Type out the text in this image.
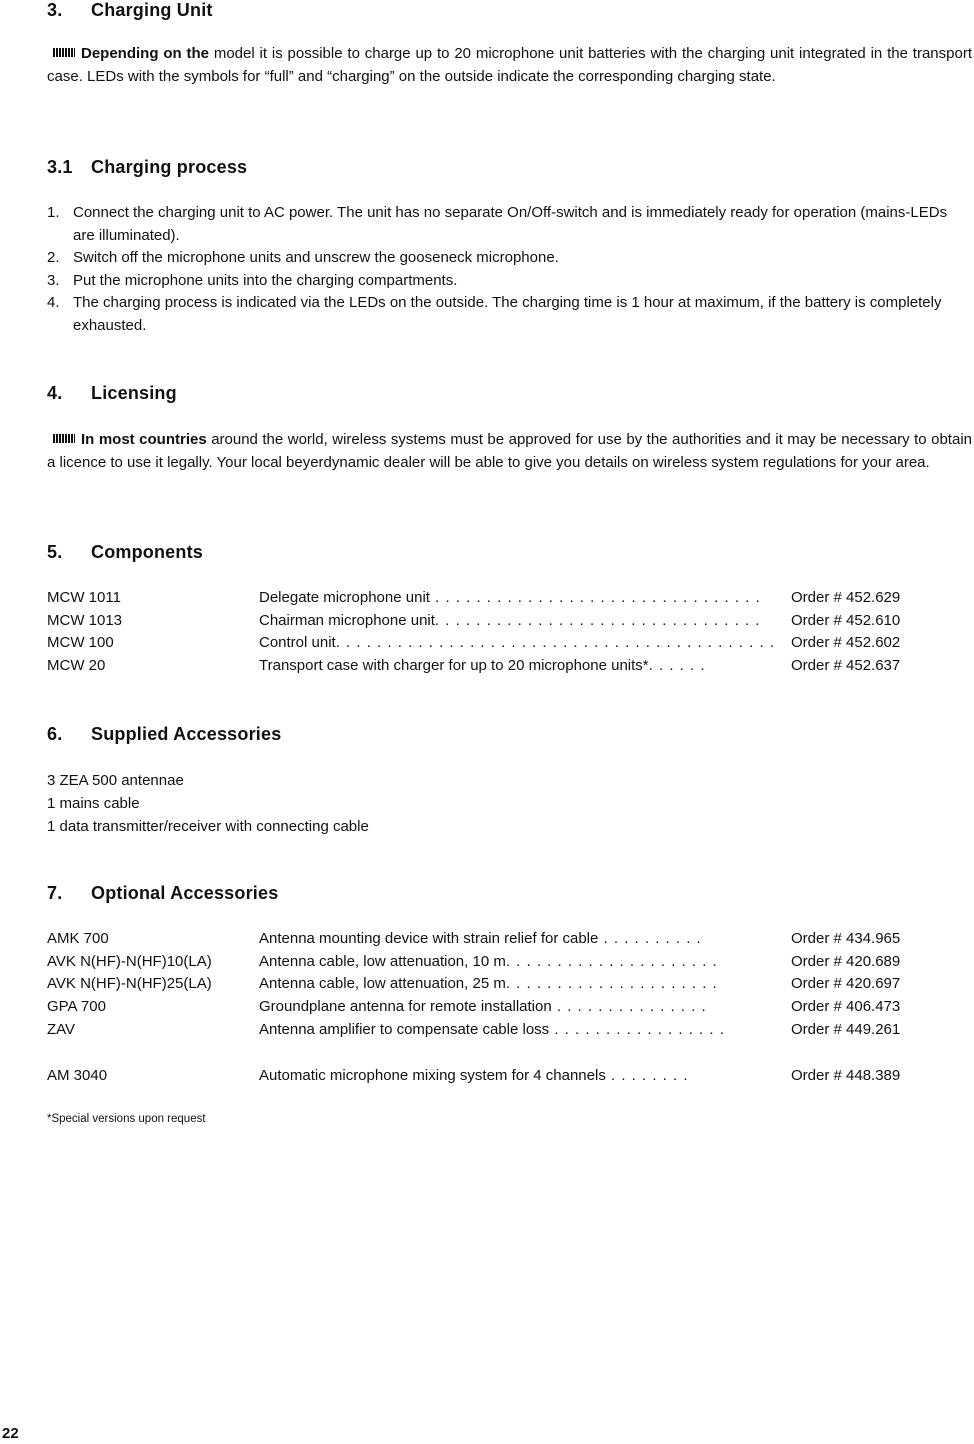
3. Charging Unit

Depending on the model it is possible to charge up to 20 microphone unit batteries with the charging unit integrated in the transport case. LEDs with the symbols for “full” and “charging” on the outside indicate the corresponding charging state.

3.1 Charging process
1. Connect the charging unit to AC power. The unit has no separate On/Off-switch and is immediately ready for operation (mains-LEDs are illuminated).
2. Switch off the microphone units and unscrew the gooseneck microphone.
3. Put the microphone units into the charging compartments.
4. The charging process is indicated via the LEDs on the outside. The charging time is 1 hour at maximum, if the battery is completely exhausted.
4. Licensing

In most countries around the world, wireless systems must be approved for use by the authorities and it may be necessary to obtain a licence to use it legally. Your local beyerdynamic dealer will be able to give you details on wireless system regulations for your area.

5. Components
MCW 1011	Delegate microphone unit . . . . . . . . . . . . . . . . . . . . . . . . . . . . . . . .	Order # 452.629
MCW 1013	Chairman microphone unit. . . . . . . . . . . . . . . . . . . . . . . . . . . . . . . .	Order # 452.610
MCW 100	Control unit. . . . . . . . . . . . . . . . . . . . . . . . . . . . . . . . . . . . . . . . . . .	Order # 452.602
MCW 20	Transport case with charger for up to 20 microphone units*. . . . . .	Order # 452.637
6. Supplied Accessories
3 ZEA 500 antennae
1 mains cable
1 data transmitter/receiver with connecting cable
7. Optional Accessories
AMK 700	Antenna mounting device with strain relief for cable . . . . . . . . . .	Order # 434.965
AVK N(HF)-N(HF)10(LA)	Antenna cable, low attenuation, 10 m. . . . . . . . . . . . . . . . . . . . .	Order # 420.689
AVK N(HF)-N(HF)25(LA)	Antenna cable, low attenuation, 25 m. . . . . . . . . . . . . . . . . . . . .	Order # 420.697
GPA 700	Groundplane antenna for remote installation . . . . . . . . . . . . . . .	Order # 406.473
ZAV	Antenna amplifier to compensate cable loss . . . . . . . . . . . . . . . . .	Order # 449.261

AM 3040	Automatic microphone mixing system for 4 channels . . . . . . . .	Order # 448.389

*Special versions upon request

22
